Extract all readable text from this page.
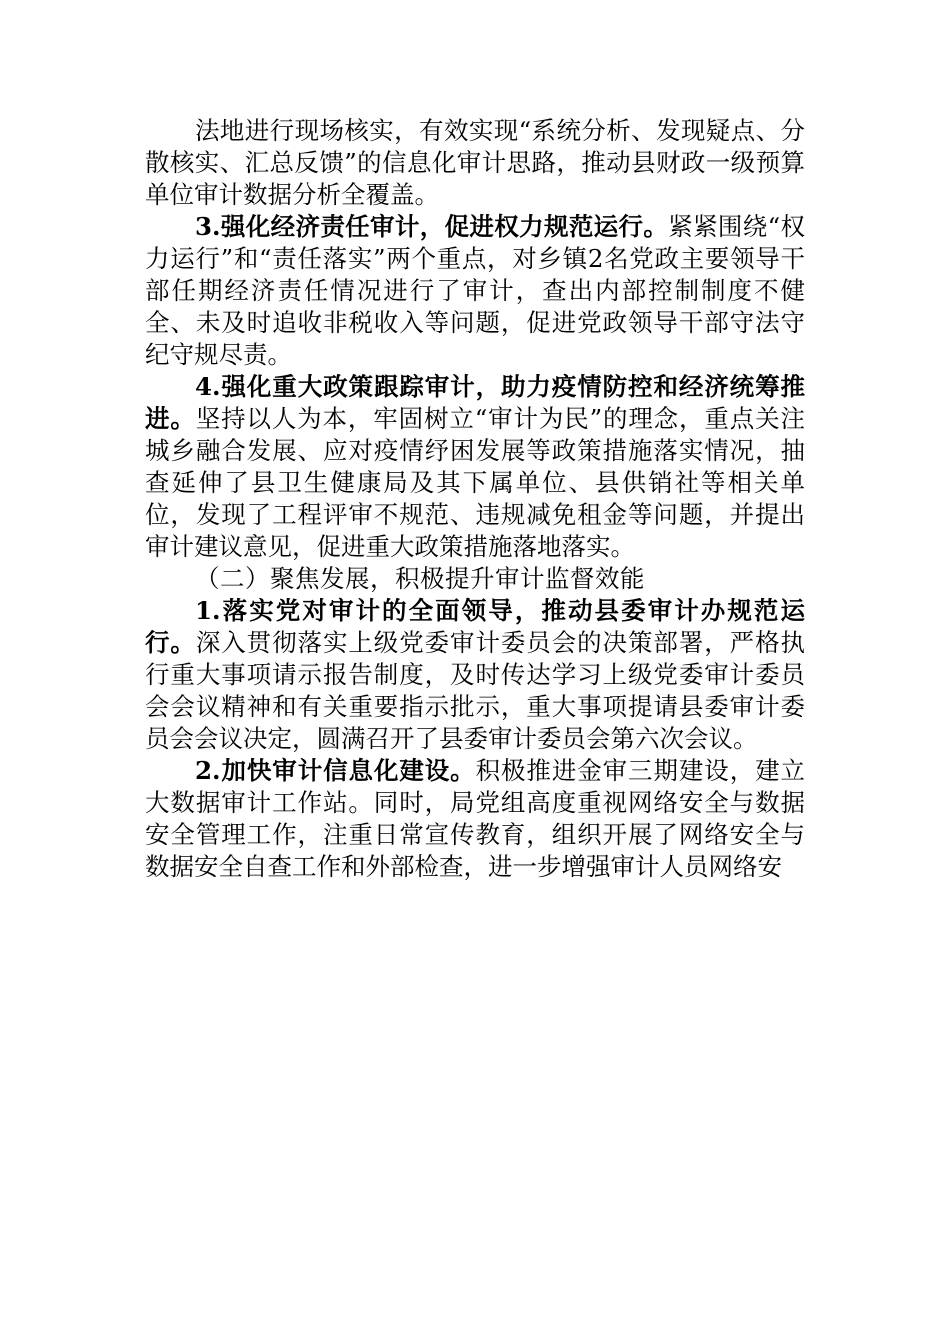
法地进行现场核实，有效实现“系统分析、发现疑点、分散核实、汇总反馈”的信息化审计思路，推动县财政一级预算单位审计数据分析全覆盖。

3.强化经济责任审计，促进权力规范运行。紧紧围绕“权力运行”和“责任落实”两个重点，对乡镇2名党政主要领导干部任期经济责任情况进行了审计，查出内部控制制度不健全、未及时追收非税收入等问题，促进党政领导干部守法守纪守规尽责。

4.强化重大政策跟踪审计，助力疫情防控和经济统筹推进。坚持以人为本，牢固树立“审计为民”的理念，重点关注城乡融合发展、应对疫情纾困发展等政策措施落实情况，抽查延伸了县卫生健康局及其下属单位、县供销社等相关单位，发现了工程评审不规范、违规减免租金等问题，并提出审计建议意见，促进重大政策措施落地落实。

（二）聚焦发展，积极提升审计监督效能

1.落实党对审计的全面领导，推动县委审计办规范运行。深入贯彻落实上级党委审计委员会的决策部署，严格执行重大事项请示报告制度，及时传达学习上级党委审计委员会会议精神和有关重要指示批示，重大事项提请县委审计委员会会议决定，圆满召开了县委审计委员会第六次会议。

2.加快审计信息化建设。积极推进金审三期建设，建立大数据审计工作站。同时，局党组高度重视网络安全与数据安全管理工作，注重日常宣传教育，组织开展了网络安全与数据安全自查工作和外部检查，进一步增强审计人员网络安
